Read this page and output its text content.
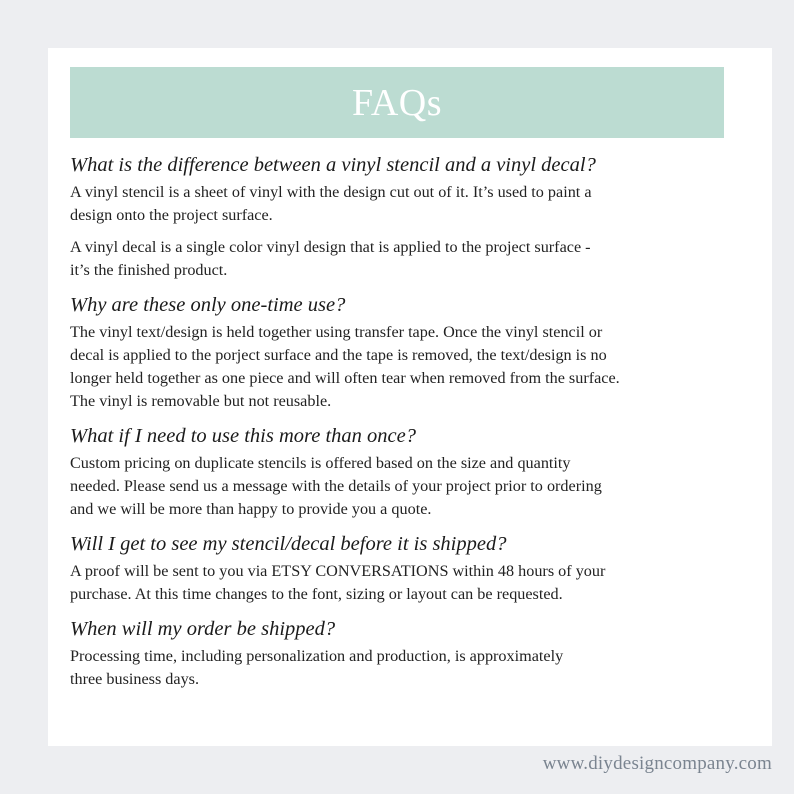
FAQs

What is the difference between a vinyl stencil and a vinyl decal?

A vinyl stencil is a sheet of vinyl with the design cut out of it. It’s used to paint a
design onto the project surface.

A vinyl decal is a single color vinyl design that is applied to the project surface -
it’s the finished product.

Why are these only one-time use?

The vinyl text/design is held together using transfer tape. Once the vinyl stencil or
decal is applied to the porject surface and the tape is removed, the text/design is no
longer held together as one piece and will often tear when removed from the surface.
The vinyl is removable but not reusable.

What if I need to use this more than once?

Custom pricing on duplicate stencils is offered based on the size and quantity
needed. Please send us a message with the details of your project prior to ordering
and we will be more than happy to provide you a quote.

Will I get to see my stencil/decal before it is shipped?

A proof will be sent to you via ETSY CONVERSATIONS within 48 hours of your
purchase. At this time changes to the font, sizing or layout can be requested.

When will my order be shipped?

Processing time, including personalization and production, is approximately
three business days.

www.diydesigncompany.com
